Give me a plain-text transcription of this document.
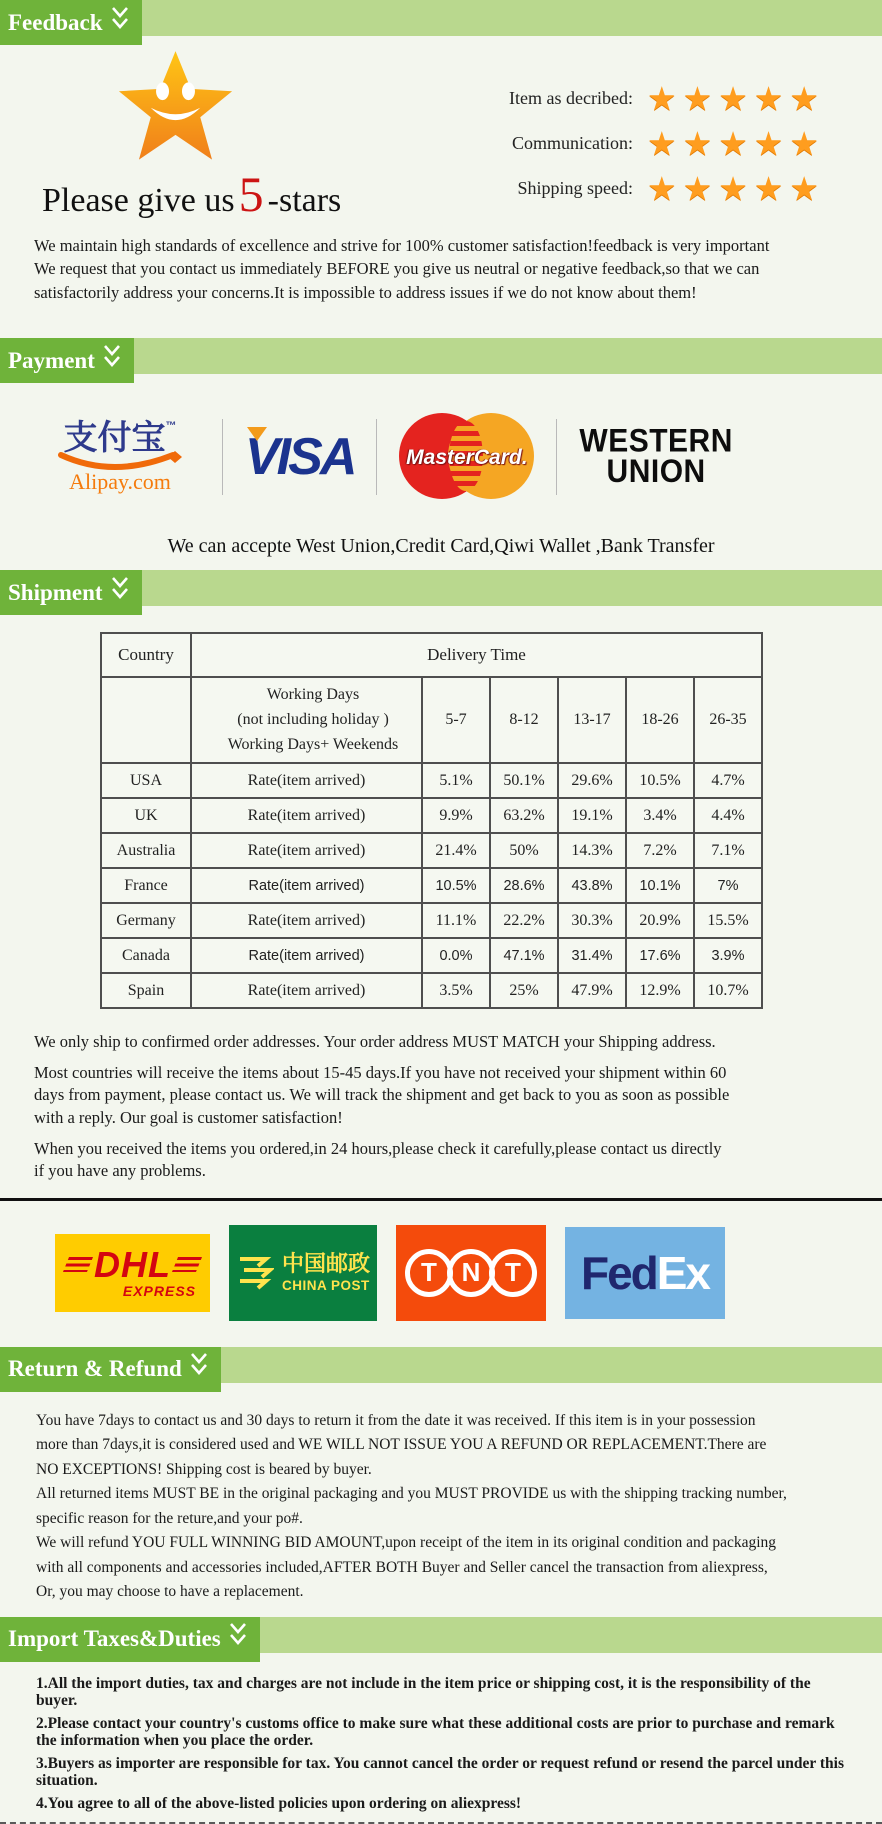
Feedback
Please give us5 -stars
Item as decribed: ★★★★★
Communication: ★★★★★
Shipping speed: ★★★★★
We maintain high standards of excellence and strive for 100% customer satisfaction!feedback is very important
We request that you contact us immediately BEFORE you give us neutral or negative feedback,so that we can
satisfactorily address your concerns.It is impossible to address issues if we do not know about them!
Payment
支付宝™
Alipay.com	VISA	MasterCard. WESTERN
UNION
We can accepte West Union,Credit Card,Qiwi Wallet ,Bank Transfer
Shipment
Country	Delivery Time					

	Working Days
(not including holiday )
Working Days+ Weekends	5-7	8-12	13-17	18-26	26-35
USA	Rate(item arrived)	5.1%	50.1%	29.6%	10.5%	4.7%
UK	Rate(item arrived)	9.9%	63.2%	19.1%	3.4%	4.4%
Australia	Rate(item arrived)	21.4%	50%	14.3%	7.2%	7.1%
France	Rate(item arrived)	10.5%	28.6%	43.8%	10.1%	7%
Germany	Rate(item arrived)	11.1%	22.2%	30.3%	20.9%	15.5%
Canada	Rate(item arrived)	0.0%	47.1%	31.4%	17.6%	3.9%
Spain	Rate(item arrived)	3.5%	25%	47.9%	12.9%	10.7%
We only ship to confirmed order addresses. Your order address MUST MATCH your Shipping address.
Most countries will receive the items about 15-45 days.If you have not received your shipment within 60
days from payment, please contact us. We will track the shipment and get back to you as soon as possible
with a reply. Our goal is customer satisfaction!
When you received the items you ordered,in 24 hours,please check it carefully,please contact us directly
if you have any problems.
DHL
EXPRESS
中国邮政
CHINA POST	T N T	Fed Ex
Return & Refund
You have 7days to contact us and 30 days to return it from the date it was received. If this item is in your possession
more than 7days,it is considered used and WE WILL NOT ISSUE YOU A REFUND OR REPLACEMENT.There are
NO EXCEPTIONS! Shipping cost is beared by buyer.
All returned items MUST BE in the original packaging and you MUST PROVIDE us with the shipping tracking number,
specific reason for the reture,and your po#.
We will refund YOU FULL WINNING BID AMOUNT,upon receipt of the item in its original condition and packaging
with all components and accessories included,AFTER BOTH Buyer and Seller cancel the transaction from aliexpress,
Or, you may choose to have a replacement.
Import Taxes&Duties
1.All the import duties, tax and charges are not include in the item price or shipping cost, it is the responsibility of the buyer.
2.Please contact your country's customs office to make sure what these additional costs are prior to purchase and remark the information when you place the order.
3.Buyers as importer are responsible for tax. You cannot cancel the order or request refund or resend the parcel under this situation.
4.You agree to all of the above-listed policies upon ordering on aliexpress!
